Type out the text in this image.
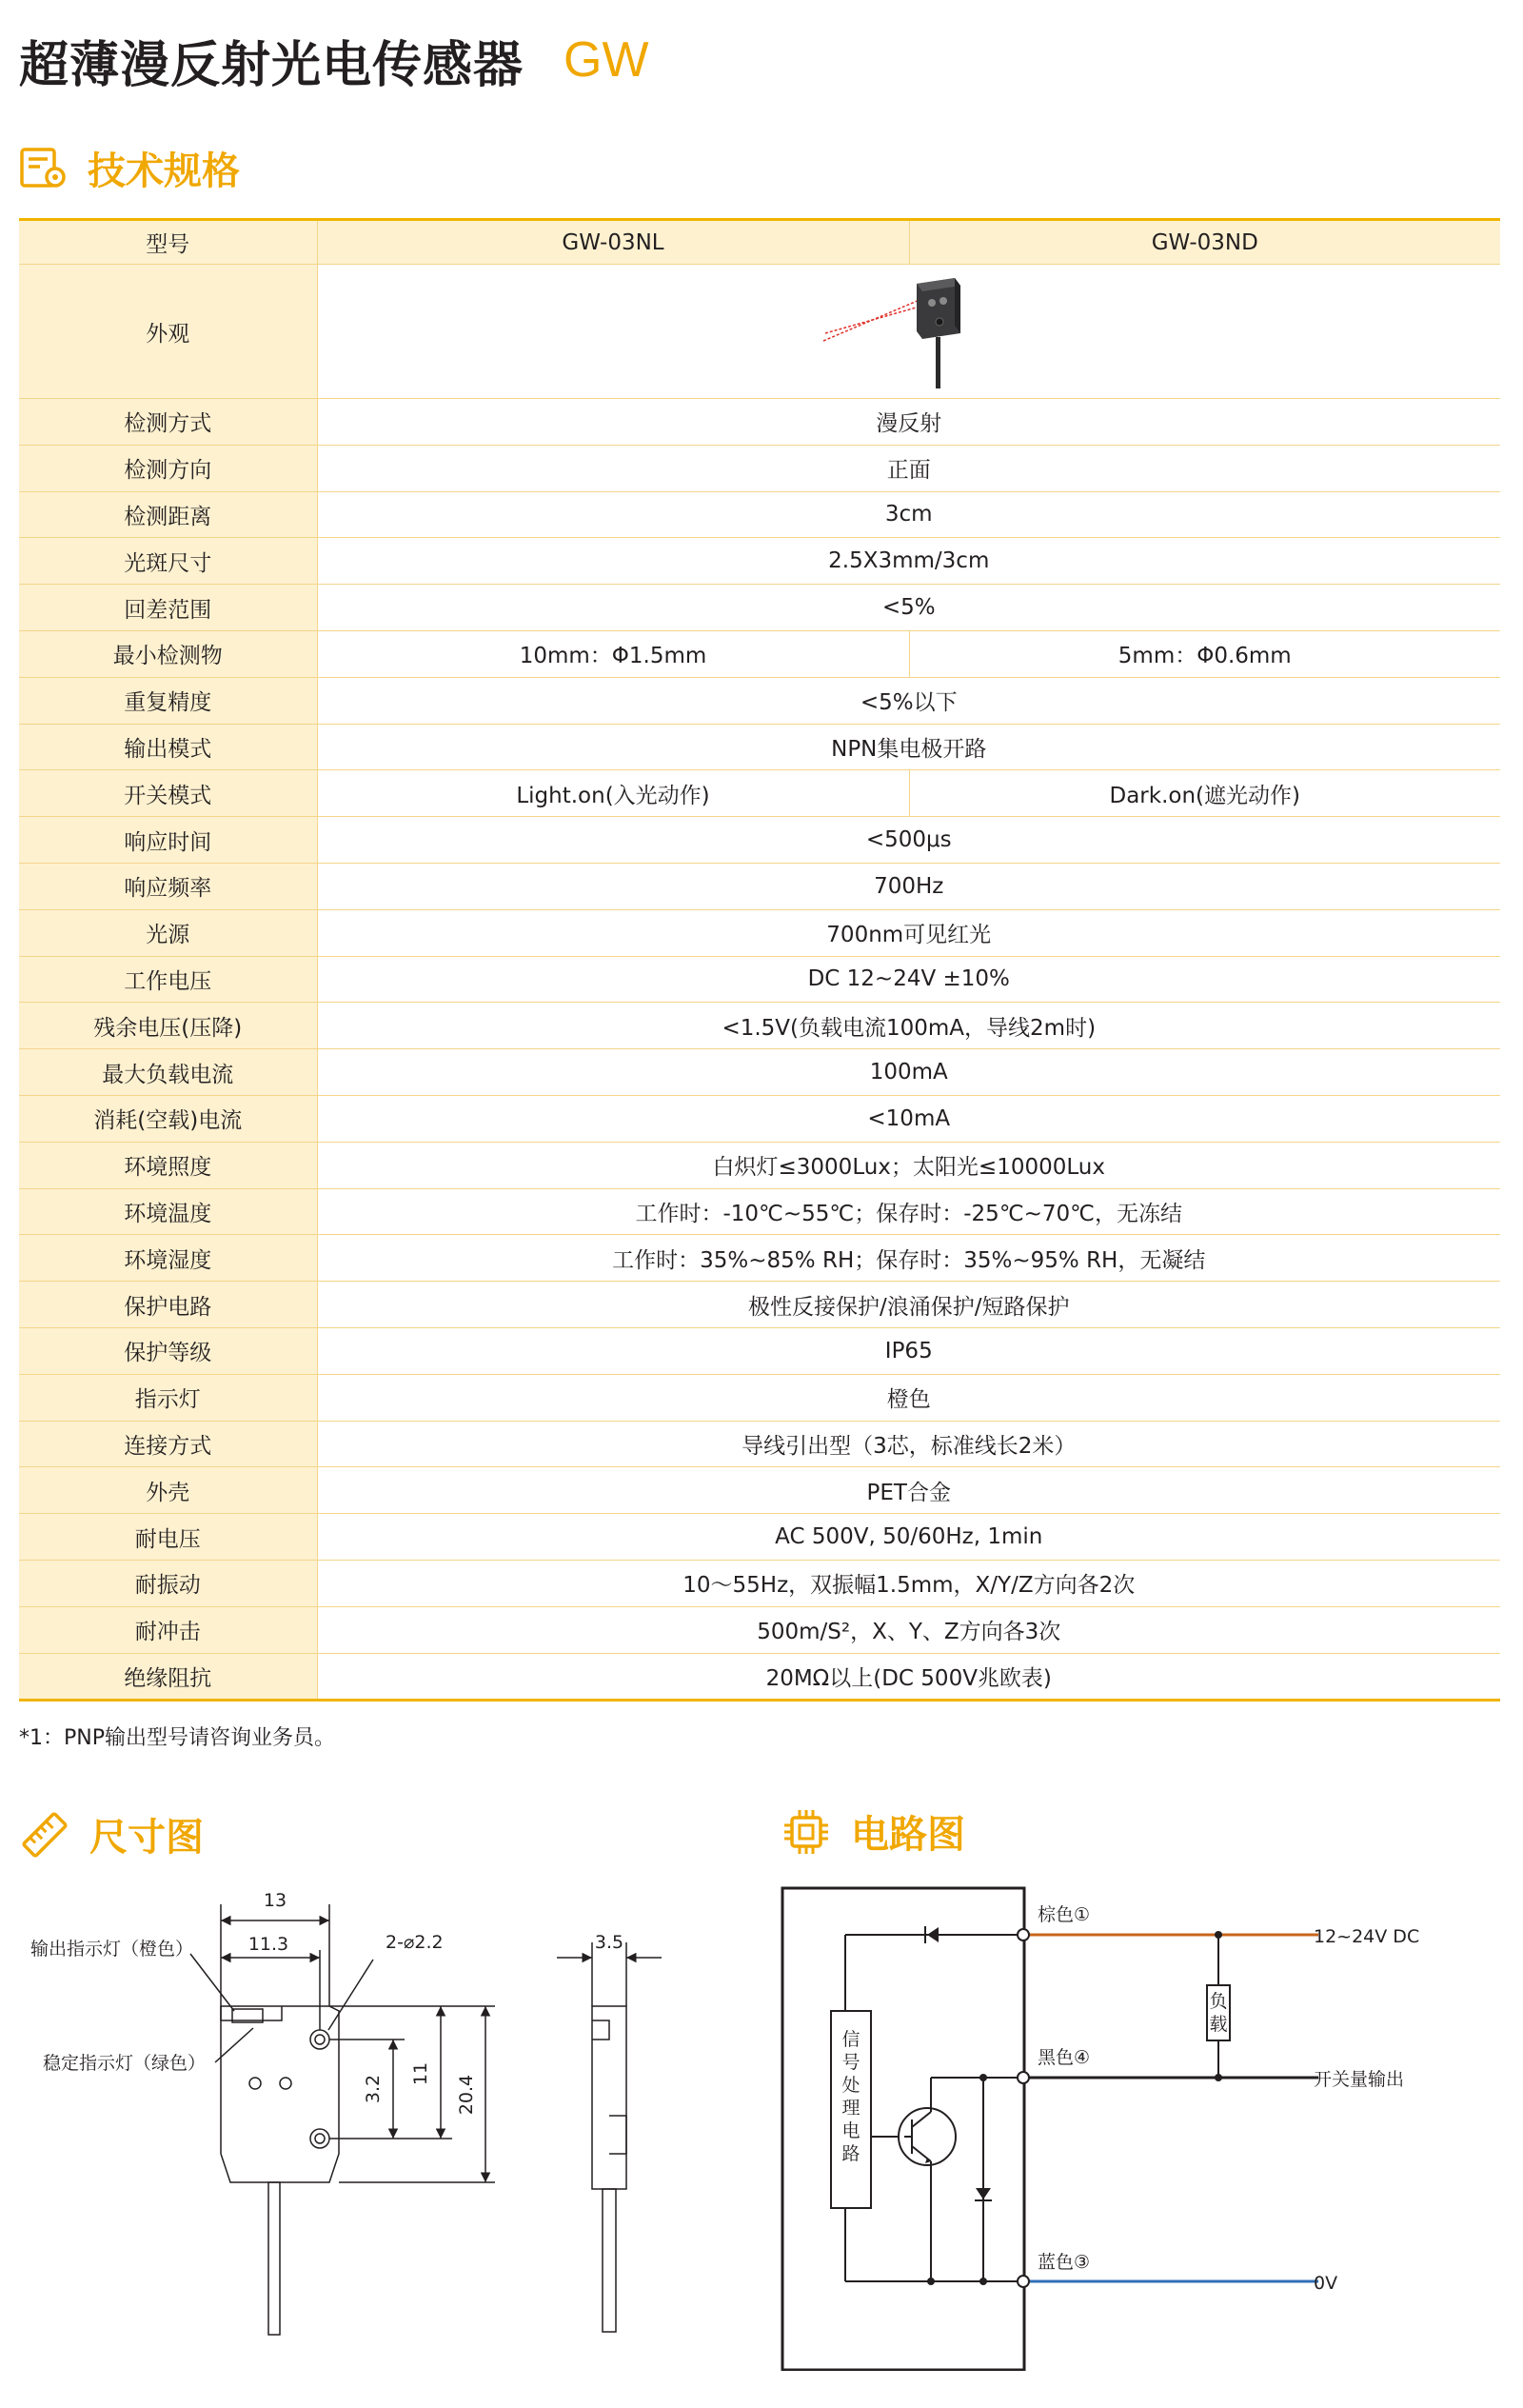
超薄漫反射光电传感器 GW
技术规格
型号	GW-03NL	GW-03ND
外观	
检测方式	漫反射	
检测方向	正面	
检测距离	3cm	
光斑尺寸	2.5X3mm/3cm	
回差范围	<5%	
最小检测物	10mm：Φ1.5mm	5mm：Φ0.6mm
重复精度	<5%以下	
输出模式	NPN集电极开路	
开关模式	Light.on(入光动作)	Dark.on(遮光动作)
响应时间	<500μs	
响应频率	700Hz	
光源	700nm可见红光	
工作电压	DC 12~24V ±10%	
残余电压(压降)	<1.5V(负载电流100mA，导线2m时)	
最大负载电流	100mA	
消耗(空载)电流	<10mA	
环境照度	白炽灯≤3000Lux；太阳光≤10000Lux	
环境温度	工作时：-10℃~55℃；保存时：-25℃~70℃，无冻结	
环境湿度	工作时：35%~85% RH；保存时：35%~95% RH，无凝结	
保护电路	极性反接保护/浪涌保护/短路保护	
保护等级	IP65	
指示灯	橙色	
连接方式	导线引出型（3芯，标准线长2米）	
外壳	PET合金	
耐电压	AC 500V, 50/60Hz, 1min	
耐振动	10～55Hz，双振幅1.5mm，X/Y/Z方向各2次	
耐冲击	500m/S²，X、Y、Z方向各3次	
绝缘阻抗	20MΩ以上(DC 500V兆欧表)	
*1：PNP输出型号请咨询业务员。
尺寸图	电路图
13
11.3	3.5
2-⌀2.2
输出指示灯（橙色）
稳定指示灯（绿色）
3.2
11
20.4
棕色①
黑色④
蓝色③
12~24V DC
开关量输出
0V
负载
信号处理电路
